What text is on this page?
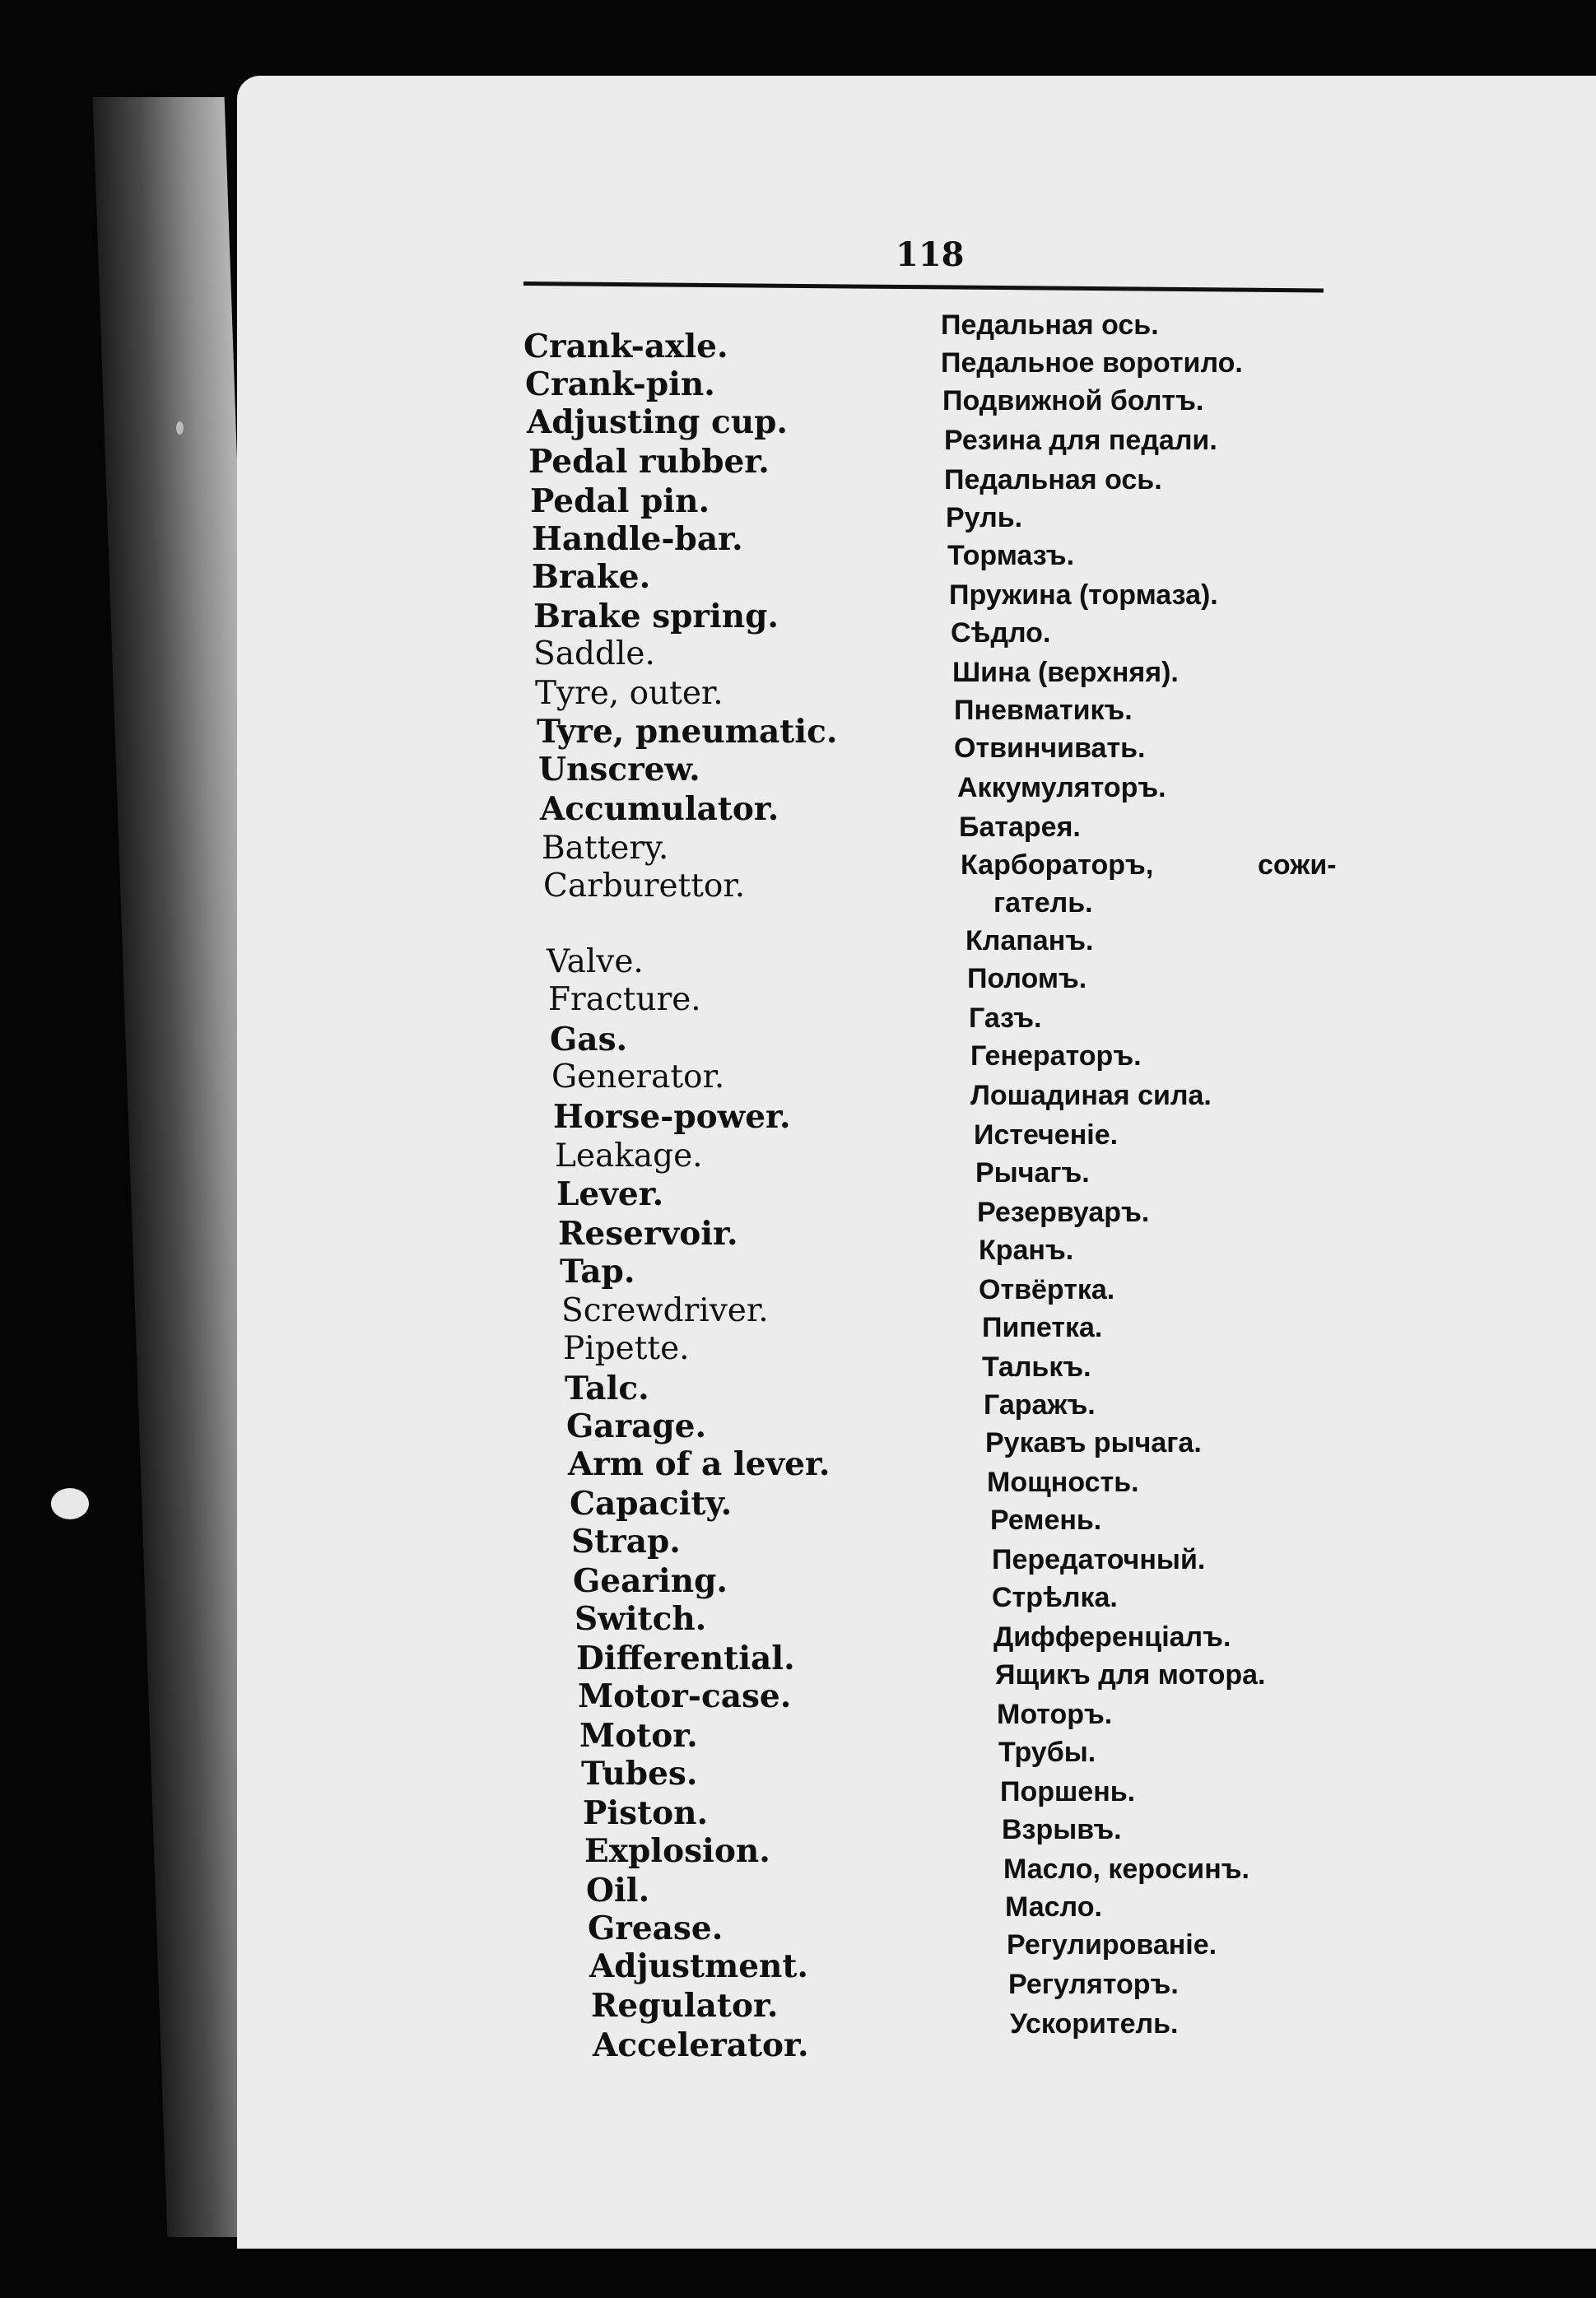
118
Crank-axle.
Педальная ось.
Crank-pin.
Педальное воротило.
Adjusting cup.
Подвижной болтъ.
Pedal rubber.
Резина для педали.
Pedal pin.
Педальная ось.
Handle-bar.
Руль.
Brake.
Тормазъ.
Brake spring.
Пружина (тормаза).
Saddle.
Сѣдло.
Tyre, outer.
Шина (верхняя).
Tyre, pneumatic.
Пневматикъ.
Unscrew.
Отвинчивать.
Accumulator.
Аккумуляторъ.
Battery.
Батарея.
Carburettor.
Карбораторъ,	сожи-
гатель.
Valve.
Клапанъ.
Fracture.
Поломъ.
Gas.
Газъ.
Generator.
Генераторъ.
Horse-power.
Лошадиная сила.
Leakage.
Истеченіе.
Lever.
Рычагъ.
Reservoir.
Резервуаръ.
Tap.
Кранъ.
Screwdriver.
Отвёртка.
Pipette.
Пипетка.
Talc.
Талькъ.
Garage.
Гаражъ.
Arm of a lever.
Рукавъ рычага.
Capacity.
Мощность.
Strap.
Ремень.
Gearing.
Передаточный.
Switch.
Стрѣлка.
Differential.
Дифференціалъ.
Motor-case.
Ящикъ для мотора.
Motor.
Моторъ.
Tubes.
Трубы.
Piston.
Поршень.
Explosion.
Взрывъ.
Oil.
Масло, керосинъ.
Grease.
Масло.
Adjustment.
Регулированіе.
Regulator.
Регуляторъ.
Accelerator.
Ускоритель.
